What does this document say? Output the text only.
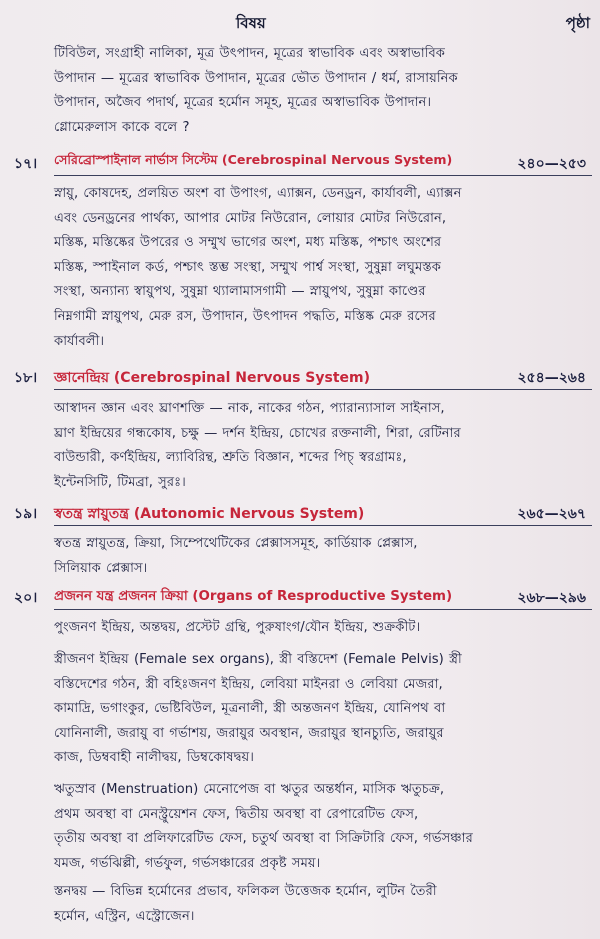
বিষয়	পৃষ্ঠা
টিবিউল, সংগ্রাহী নালিকা, মূত্র উৎপাদন, মূত্রের স্বাভাবিক এবং অস্বাভাবিক
উপাদান — মূত্রের স্বাভাবিক উপাদান, মূত্রের ভৌত উপাদান / ধর্ম, রাসায়নিক
উপাদান, অজৈব পদার্থ, মূত্রের হর্মোন সমূহ, মূত্রের অস্বাভাবিক উপাদান।
গ্লোমেরুলাস কাকে বলে ?
১৭। সেরিব্রোস্পাইনাল নার্ভাস সিস্টেম (Cerebrospinal Nervous System)	২৪০—২৫৩
স্নায়ু, কোষদেহ, প্রলয়িত অংশ বা উপাংগ, এ্যাক্সন, ডেনড্রন, কার্যাবলী, এ্যাক্সন
এবং ডেনড্রনের পার্থক্য, আপার মোটর নিউরোন, লোয়ার মোটর নিউরোন,
মস্তিষ্ক, মস্তিষ্কের উপরের ও সম্মুখ ভাগের অংশ, মধ্য মস্তিষ্ক, পশ্চাৎ অংশের
মস্তিষ্ক, স্পাইনাল কর্ড, পশ্চাৎ স্তম্ভ সংস্থা, সম্মুখ পার্শ্ব সংস্থা, সুষুম্না লঘুমস্তক
সংস্থা, অন্যান্য স্বায়ুপথ, সুষুম্না থ্যালামাসগামী — স্নায়ুপথ, সুষুম্না কাণ্ডের
নিম্নগামী স্নায়ুপথ, মেরু রস, উপাদান, উৎপাদন পদ্ধতি, মস্তিষ্ক মেরু রসের
কার্যাবলী।
১৮। জ্ঞানেন্দ্রিয় (Cerebrospinal Nervous System)	২৫৪—২৬৪
আস্বাদন জ্ঞান এবং ঘ্রাণশক্তি — নাক, নাকের গঠন, প্যারান্যাসাল সাইনাস,
ঘ্রাণ ইন্দ্রিয়ের গন্ধকোষ, চক্ষু — দর্শন ইন্দ্রিয়, চোখের রক্তনালী, শিরা, রেটিনার
বাউন্ডারী, কর্ণইন্দ্রিয়, ল্যাবিরিন্থ, শ্রুতি বিজ্ঞান, শব্দের পিচ্ স্বরগ্রামঃ,
ইন্টেনসিটি, টিমব্রা, সুরঃ।
১৯। স্বতন্ত্র স্নায়ুতন্ত্র (Autonomic Nervous System)	২৬৫—২৬৭
স্বতন্ত্র স্নায়ুতন্ত্র, ক্রিয়া, সিম্পেথেটিকের প্লেক্সাসসমূহ, কার্ডিয়াক প্লেক্সাস,
সিলিয়াক প্লেক্সাস।
২০। প্রজনন যন্ত্র প্রজনন ক্রিয়া (Organs of Resproductive System)	২৬৮—২৯৬
পুংজনণ ইন্দ্রিয়, অন্তদ্বয়, প্রস্টেট গ্রন্থি, পুরুষাংগ/যৌন ইন্দ্রিয়, শুক্রকীট।
স্ত্রীজনণ ইন্দ্রিয় (Female sex organs), স্ত্রী বস্তিদেশ (Female Pelvis) স্ত্রী
বস্তিদেশের গঠন, স্ত্রী বহিঃজনণ ইন্দ্রিয়, লেবিয়া মাইনরা ও লেবিয়া মেজরা,
কামাদ্রি, ভগাংকুর, ভেষ্টিবিউল, মূত্রনালী, স্ত্রী অন্তজনণ ইন্দ্রিয়, যোনিপথ বা
যোনিনালী, জরায়ু বা গর্ভাশয়, জরায়ুর অবস্থান, জরায়ুর স্থানচ্যুতি, জরায়ুর
কাজ, ডিম্ববাহী নালীদ্বয়, ডিম্বকোষদ্বয়।
ঋতুস্রাব (Menstruation) মেনোপেজ বা ঋতুর অন্তর্ধান, মাসিক ঋতুচক্র,
প্রথম অবস্থা বা মেনস্ট্রুয়েশন ফেস, দ্বিতীয় অবস্থা বা রেপারেটিভ ফেস,
তৃতীয় অবস্থা বা প্রলিফারেটিভ ফেস, চতুর্থ অবস্থা বা সিক্রিটারি ফেস, গর্ভসঞ্চার
যমজ, গর্ভঝিল্লী, গর্ভফুল, গর্ভসঞ্চারের প্রকৃষ্ট সময়।
স্তনদ্বয় — বিভিন্ন হর্মোনের প্রভাব, ফলিকল উত্তেজক হর্মোন, লুটিন তৈরী
হর্মোন, এস্ট্রিন, এস্ট্রোজেন।
